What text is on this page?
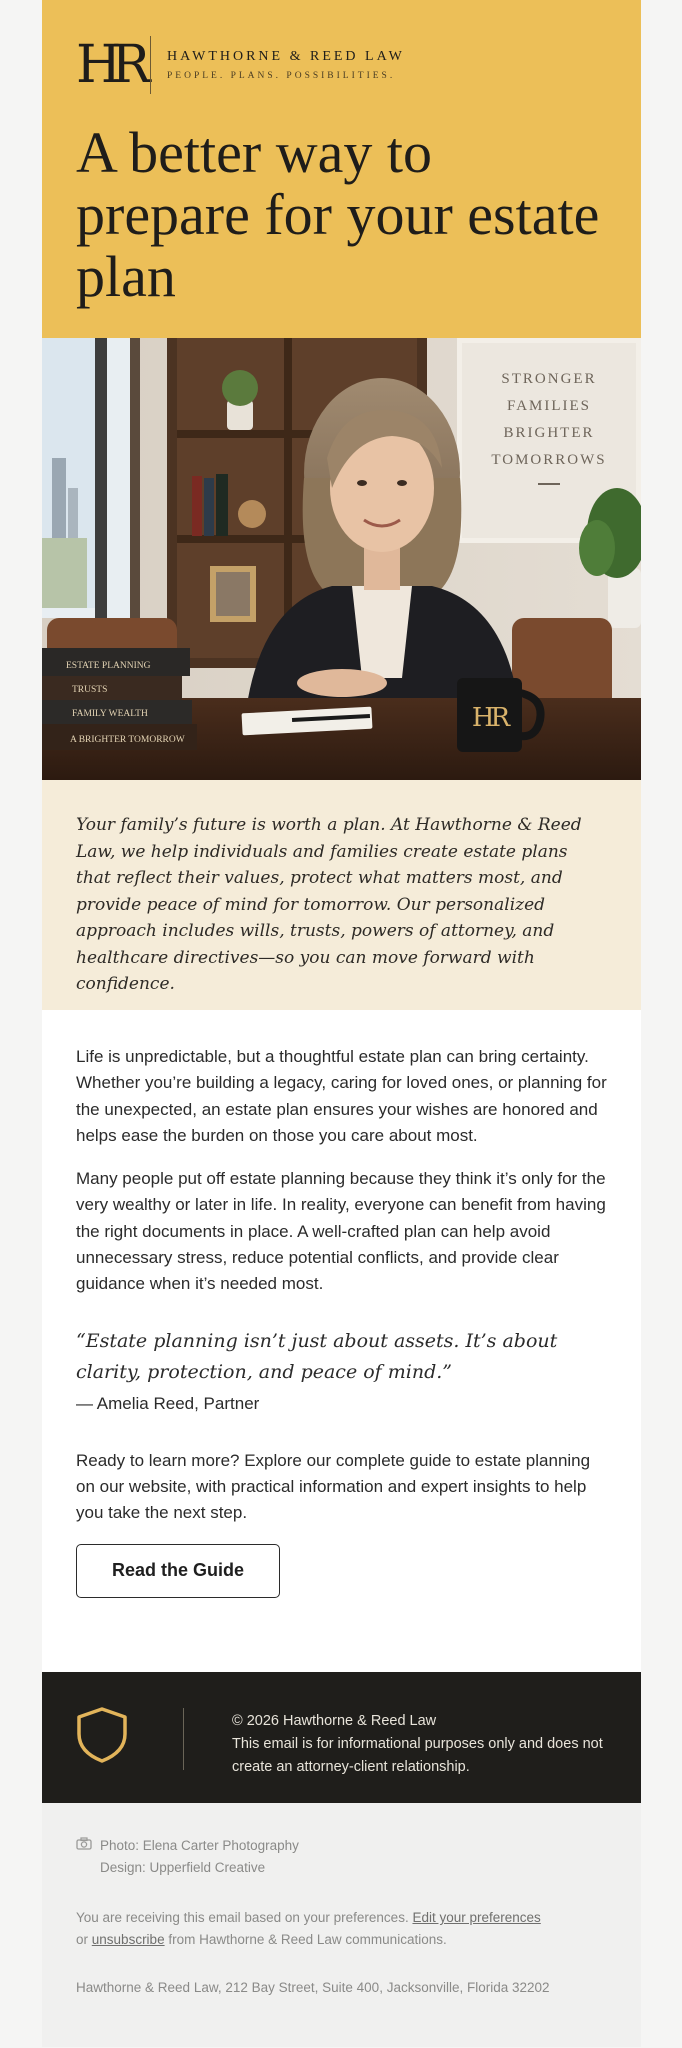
HR HAWTHORNE & REED LAW
PEOPLE. PLANS. POSSIBILITIES.
A better way to prepare for your estate plan
STRONGER
FAMILIES
BRIGHTER
TOMORROWS
ESTATE PLANNING
TRUSTS
FAMILY WEALTH
A BRIGHTER TOMORROW
HR

Your family’s future is worth a plan. At Hawthorne & Reed Law, we help individuals and families create estate plans that reflect their values, protect what matters most, and provide peace of mind for tomorrow. Our personalized approach includes wills, trusts, powers of attorney, and healthcare directives—so you can move forward with confidence.

Life is unpredictable, but a thoughtful estate plan can bring certainty. Whether you’re building a legacy, caring for loved ones, or planning for the unexpected, an estate plan ensures your wishes are honored and helps ease the burden on those you care about most.

Many people put off estate planning because they think it’s only for the very wealthy or later in life. In reality, everyone can benefit from having the right documents in place. A well-crafted plan can help avoid unnecessary stress, reduce potential conflicts, and provide clear guidance when it’s needed most.

“Estate planning isn’t just about assets. It’s about clarity, protection, and peace of mind.”
— Amelia Reed, Partner

Ready to learn more? Explore our complete guide to estate planning on our website, with practical information and expert insights to help you take the next step.

Read the Guide
© 2026 Hawthorne & Reed Law
This email is for informational purposes only and does not create an attorney-client relationship.
Photo: Elena Carter Photography
Design: Upperfield Creative
You are receiving this email based on your preferences. Edit your preferences
or unsubscribe from Hawthorne & Reed Law communications.
Hawthorne & Reed Law, 212 Bay Street, Suite 400, Jacksonville, Florida 32202
